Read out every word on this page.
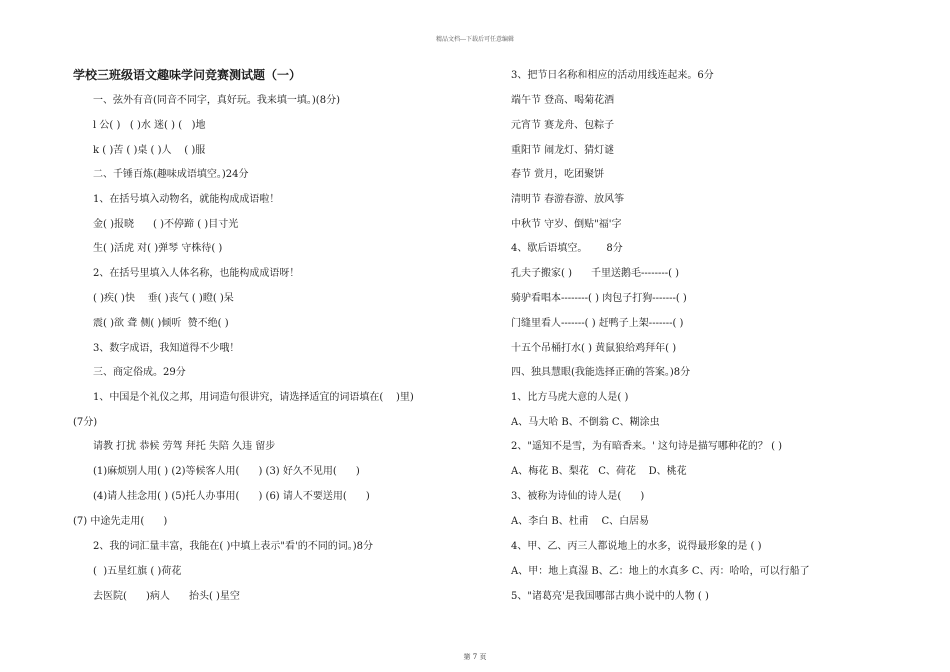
精品文档---下载后可任意编辑
学校三班级语文趣味学问竞赛测试题（一）
一、弦外有音(同音不同字，真好玩。我来填一填。)(8分)
l 公( )   ( )水 迷( ) (   )地
k ( )苦 ( )桌 ( )人    ( )服
二、千锤百炼(趣味成语填空。)24分
1、在括号填入动物名，就能构成成语啦！
金( )报晓      ( )不停蹄 ( )目寸光
生( )活虎 对( )弹琴 守株待( )
2、在括号里填入人体名称，也能构成成语呀！
( )疾( )快    垂( )丧气 ( )瞪( )呆
震( )欲 聋 侧( )倾听  赞不绝( )
3、数字成语，我知道得不少哦！
三、商定俗成。29分
1、中国是个礼仪之邦，用词造句很讲究，请选择适宜的词语填在(    )里)
(7分)
请教 打扰 恭候 劳驾 拜托 失陪 久违 留步
(1)麻烦别人用( ) (2)等候客人用(      ) (3) 好久不见用(      )
(4)请人挂念用( ) (5)托人办事用(      ) (6) 请人不要送用(      )
(7) 中途先走用(      )
2、我的词汇量丰富，我能在( )中填上表示"看'的不同的词。)8分
(  )五星红旗 ( )荷花
去医院(      )病人      抬头( )星空
3、把节日名称和相应的活动用线连起来。6分
端午节 登高、喝菊花酒
元宵节 赛龙舟、包粽子
重阳节 闹龙灯、猜灯谜
春节 赏月，吃团聚饼
清明节 春游春游、放风筝
中秋节 守岁、倒贴"福'字
4、歇后语填空。      8分
孔夫子搬家( )      千里送鹅毛--------( )
骑驴看唱本--------( ) 肉包子打狗-------( )
门缝里看人-------( ) 赶鸭子上架-------( )
十五个吊桶打水( ) 黄鼠狼给鸡拜年( )
四、独具慧眼(我能选择正确的答案。)8分
1、比方马虎大意的人是( )
A、马大哈 B、不倒翁 C、糊涂虫
2、"遥知不是雪，为有暗香来。' 这句诗是描写哪种花的？ ( )
A、梅花 B、梨花   C、荷花    D、桃花
3、被称为诗仙的诗人是(      )
A、李白 B、杜甫    C、白居易
4、甲、乙、丙三人都说地上的水多，说得最形象的是 ( )
A、甲：地上真湿 B、乙：地上的水真多 C、丙：哈哈，可以行船了
5、"诸葛亮'是我国哪部古典小说中的人物 ( )
第 7 页
